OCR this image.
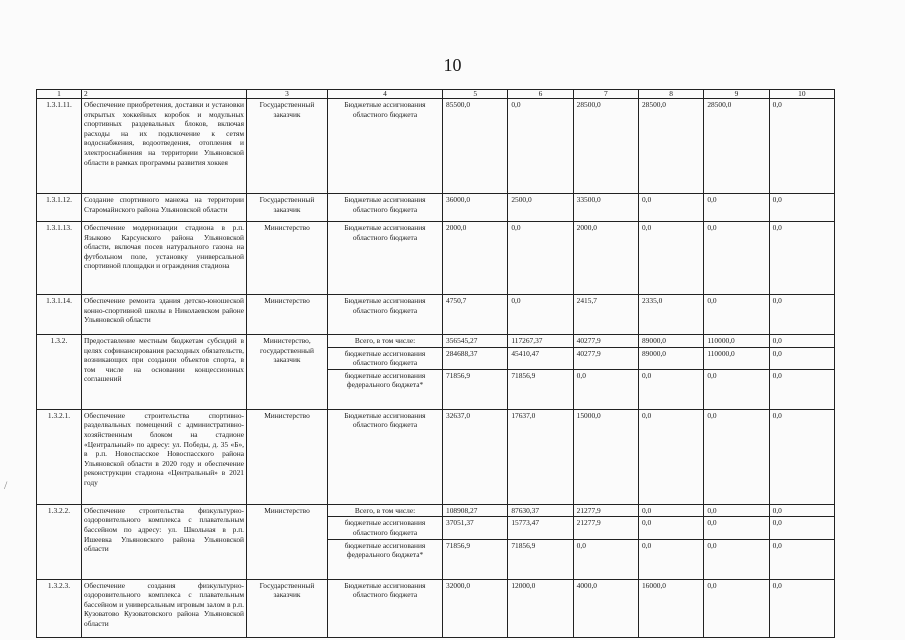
10
1	2	3	4	5	6	7	8	9	10
1.3.1.11.	Обеспечение приобретения, доставки и установки открытых хоккейных коробок и модульных спортивных раздевальных блоков, включая расходы на их подключение к сетям водоснабжения, водоотведения, отопления и электроснабжения на территории Ульяновской области в рамках программы развития хоккея	Государственный заказчик	Бюджетные ассигнования областного бюджета	85500,0	0,0	28500,0	28500,0	28500,0	0,0
1.3.1.12.	Создание спортивного манежа на территории Старомайнского района Ульяновской области	Государственный заказчик	Бюджетные ассигнования областного бюджета	36000,0	2500,0	33500,0	0,0	0,0	0,0
1.3.1.13.	Обеспечение модернизации стадиона в р.п. Языково Карсунского района Ульяновской области, включая посев натурального газона на футбольном поле, установку универсальной спортивной площадки и ограждения стадиона	Министерство	Бюджетные ассигнования областного бюджета	2000,0	0,0	2000,0	0,0	0,0	0,0
1.3.1.14.	Обеспечение ремонта здания детско-юношеской конно-спортивной школы в Николаевском районе Ульяновской области	Министерство	Бюджетные ассигнования областного бюджета	4750,7	0,0	2415,7	2335,0	0,0	0,0
1.3.2.	Предоставление местным бюджетам субсидий в целях софинансирования расходных обязательств, возникающих при создании объектов спорта, в том числе на основании концессионных соглашений	Министерство, государственный заказчик	Всего, в том числе:	356545,27	117267,37	40277,9	89000,0	110000,0	0,0
			бюджетные ассигнования областного бюджета	284688,37	45410,47	40277,9	89000,0	110000,0	0,0
			бюджетные ассигнования федерального бюджета*	71856,9	71856,9	0,0	0,0	0,0	0,0
1.3.2.1.	Обеспечение строительства спортивно-разделвальных помещений с административно-хозяйственным блоком на стадионе «Центральный» по адресу: ул. Победы, д. 35 «Б», в р.п. Новоспасское Новоспасского района Ульяновской области в 2020 году и обеспечение реконструкции стадиона «Центральный» в 2021 году	Министерство	Бюджетные ассигнования областного бюджета	32637,0	17637,0	15000,0	0,0	0,0	0,0
1.3.2.2.	Обеспечение строительства физкультурно-оздоровительного комплекса с плавательным бассейном по адресу: ул. Школьная в р.п. Ишеевка Ульяновского района Ульяновской области	Министерство	Всего, в том числе:	108908,27	87630,37	21277,9	0,0	0,0	0,0
			бюджетные ассигнования областного бюджета	37051,37	15773,47	21277,9	0,0	0,0	0,0
			бюджетные ассигнования федерального бюджета*	71856,9	71856,9	0,0	0,0	0,0	0,0
1.3.2.3.	Обеспечение создания физкультурно-оздоровительного комплекса с плавательным бассейном и универсальным игровым залом в р.п. Кузоватово Кузоватовского района Ульяновской области	Государственный заказчик	Бюджетные ассигнования областного бюджета	32000,0	12000,0	4000,0	16000,0	0,0	0,0
/
